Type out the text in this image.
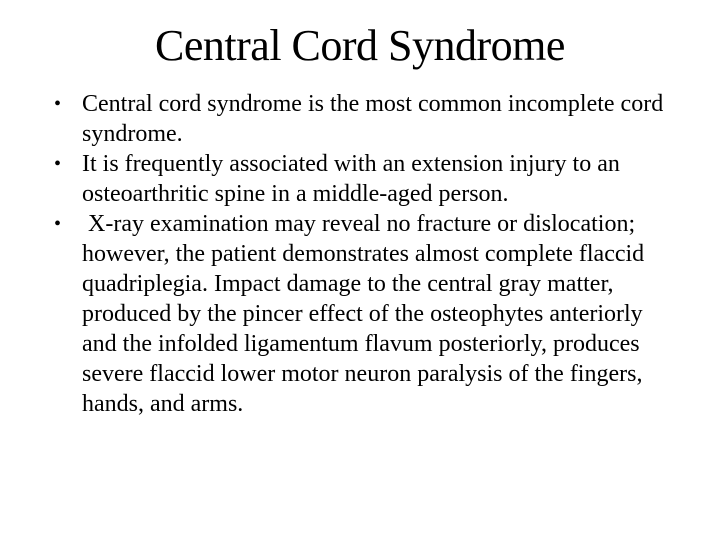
Central Cord Syndrome
• Central cord syndrome is the most common incomplete cord syndrome.
• It is frequently associated with an extension injury to an osteoarthritic spine in a middle-aged person.
• X-ray examination may reveal no fracture or dislocation; however, the patient demonstrates almost complete flaccid quadriplegia. Impact damage to the central gray matter, produced by the pincer effect of the osteophytes anteriorly and the infolded ligamentum flavum posteriorly, produces severe flaccid lower motor neuron paralysis of the fingers, hands, and arms.
